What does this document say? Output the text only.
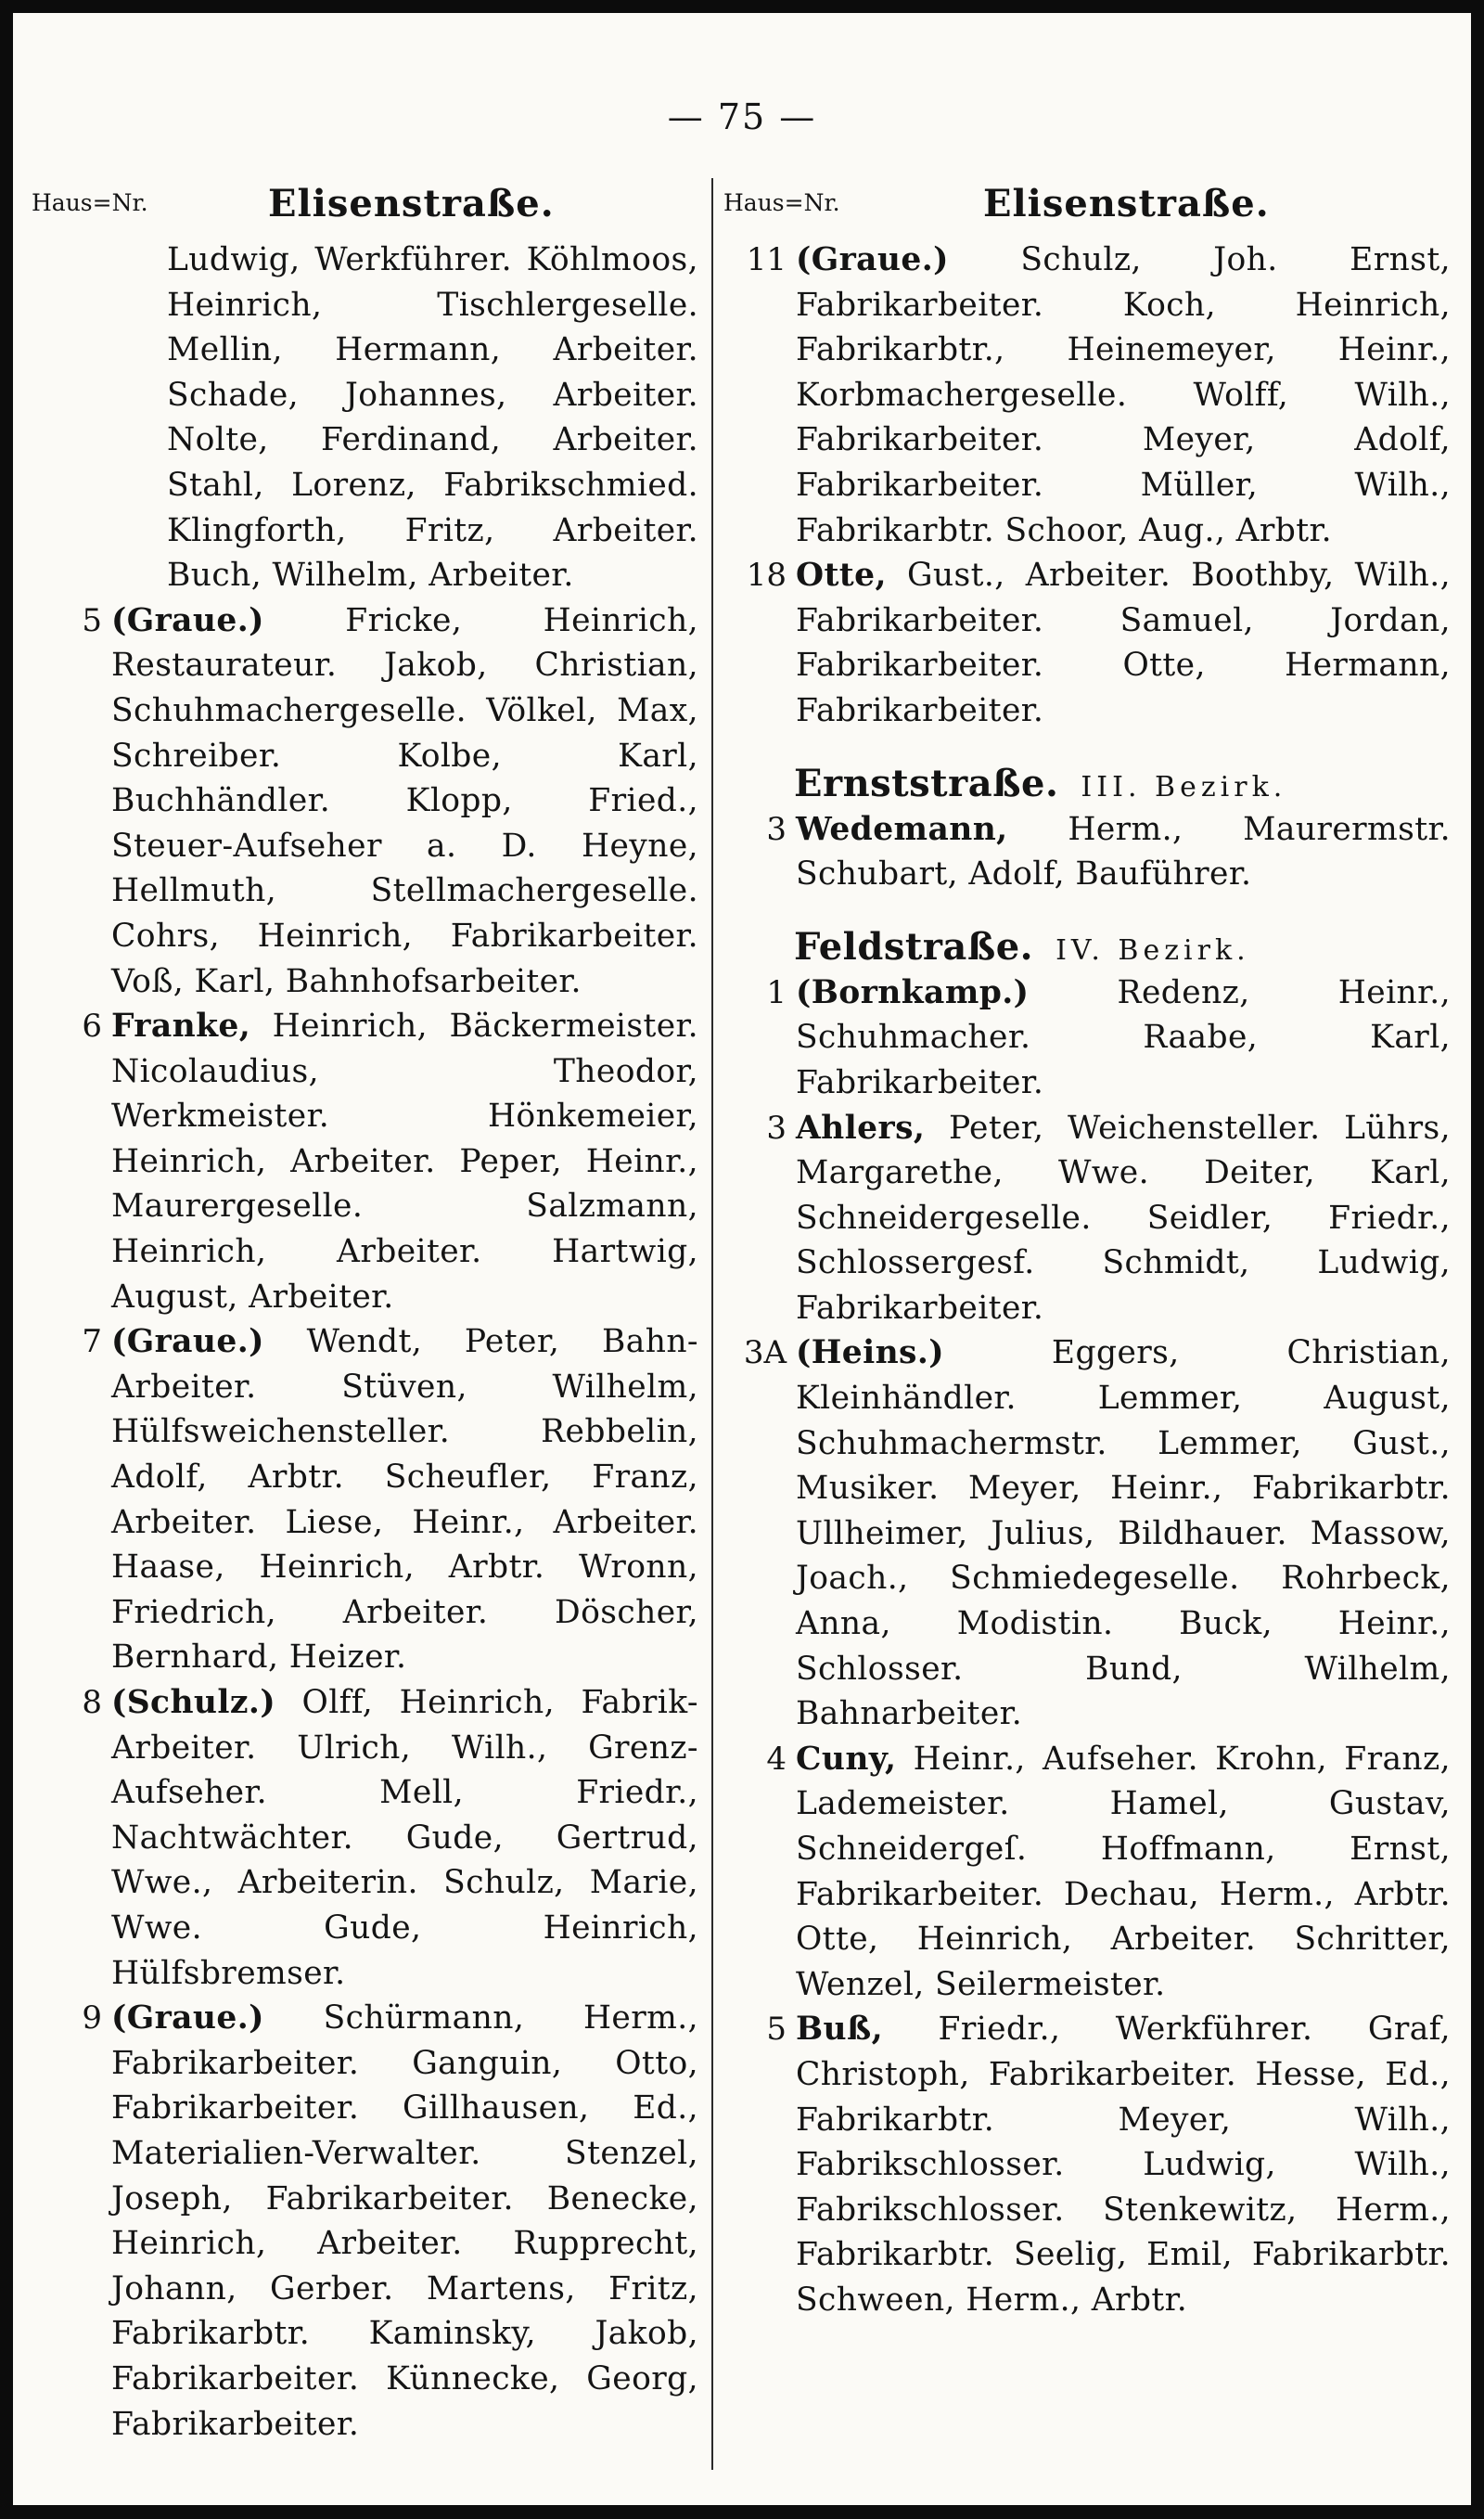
— 75 —
Haus=Nr.	Elisenstraße.
Ludwig, Werkführer. Köhlmoos, Heinrich, Tischlergeselle. Mellin, Hermann, Arbeiter. Schade, Johannes, Arbeiter. Nolte, Ferdinand, Arbeiter. Stahl, Lorenz, Fabrikschmied. Klingforth, Fritz, Arbeiter. Buch, Wilhelm, Arbeiter.
5 (Graue.) Fricke, Heinrich, Restaurateur. Jakob, Christian, Schuhmachergeselle. Völkel, Max, Schreiber. Kolbe, Karl, Buchhändler. Klopp, Fried., Steuer-Aufseher a. D. Heyne, Hellmuth, Stellmachergeselle. Cohrs, Heinrich, Fabrikarbeiter. Voß, Karl, Bahnhofsarbeiter.
6 Franke, Heinrich, Bäckermeister. Nicolaudius, Theodor, Werkmeister. Hönkemeier, Heinrich, Arbeiter. Peper, Heinr., Maurergeselle. Salzmann, Heinrich, Arbeiter. Hartwig, August, Arbeiter.
7 (Graue.) Wendt, Peter, Bahn-Arbeiter. Stüven, Wilhelm, Hülfsweichensteller. Rebbelin, Adolf, Arbtr. Scheufler, Franz, Arbeiter. Liese, Heinr., Arbeiter. Haase, Heinrich, Arbtr. Wronn, Friedrich, Arbeiter. Döscher, Bernhard, Heizer.
8 (Schulz.) Olff, Heinrich, Fabrik-Arbeiter. Ulrich, Wilh., Grenz-Aufseher. Mell, Friedr., Nachtwächter. Gude, Gertrud, Wwe., Arbeiterin. Schulz, Marie, Wwe. Gude, Heinrich, Hülfsbremser.
9 (Graue.) Schürmann, Herm., Fabrikarbeiter. Ganguin, Otto, Fabrikarbeiter. Gillhausen, Ed., Materialien-Verwalter. Stenzel, Joseph, Fabrikarbeiter. Benecke, Heinrich, Arbeiter. Rupprecht, Johann, Gerber. Martens, Fritz, Fabrikarbtr. Kaminsky, Jakob, Fabrikarbeiter. Künnecke, Georg, Fabrikarbeiter.
Haus=Nr.	Elisenstraße.
11 (Graue.) Schulz, Joh. Ernst, Fabrikarbeiter. Koch, Heinrich, Fabrikarbtr., Heinemeyer, Heinr., Korbmachergeselle. Wolff, Wilh., Fabrikarbeiter. Meyer, Adolf, Fabrikarbeiter. Müller, Wilh., Fabrikarbtr. Schoor, Aug., Arbtr.
18 Otte, Gust., Arbeiter. Boothby, Wilh., Fabrikarbeiter. Samuel, Jordan, Fabrikarbeiter. Otte, Hermann, Fabrikarbeiter.
Ernststraße. III. Bezirk.
3 Wedemann, Herm., Maurermstr. Schubart, Adolf, Bauführer.
Feldstraße. IV. Bezirk.
1 (Bornkamp.) Redenz, Heinr., Schuhmacher. Raabe, Karl, Fabrikarbeiter.
3 Ahlers, Peter, Weichensteller. Lührs, Margarethe, Wwe. Deiter, Karl, Schneidergeselle. Seidler, Friedr., Schlossergesf. Schmidt, Ludwig, Fabrikarbeiter.
3A (Heins.) Eggers, Christian, Kleinhändler. Lemmer, August, Schuhmachermstr. Lemmer, Gust., Musiker. Meyer, Heinr., Fabrikarbtr. Ullheimer, Julius, Bildhauer. Massow, Joach., Schmiedegeselle. Rohrbeck, Anna, Modistin. Buck, Heinr., Schlosser. Bund, Wilhelm, Bahnarbeiter.
4 Cuny, Heinr., Aufseher. Krohn, Franz, Lademeister. Hamel, Gustav, Schneidergeſ. Hoffmann, Ernst, Fabrikarbeiter. Dechau, Herm., Arbtr. Otte, Heinrich, Arbeiter. Schritter, Wenzel, Seilermeister.
5 Buß, Friedr., Werkführer. Graf, Christoph, Fabrikarbeiter. Hesse, Ed., Fabrikarbtr. Meyer, Wilh., Fabrikschlosser. Ludwig, Wilh., Fabrikschlosser. Stenkewitz, Herm., Fabrikarbtr. Seelig, Emil, Fabrikarbtr. Schween, Herm., Arbtr.
